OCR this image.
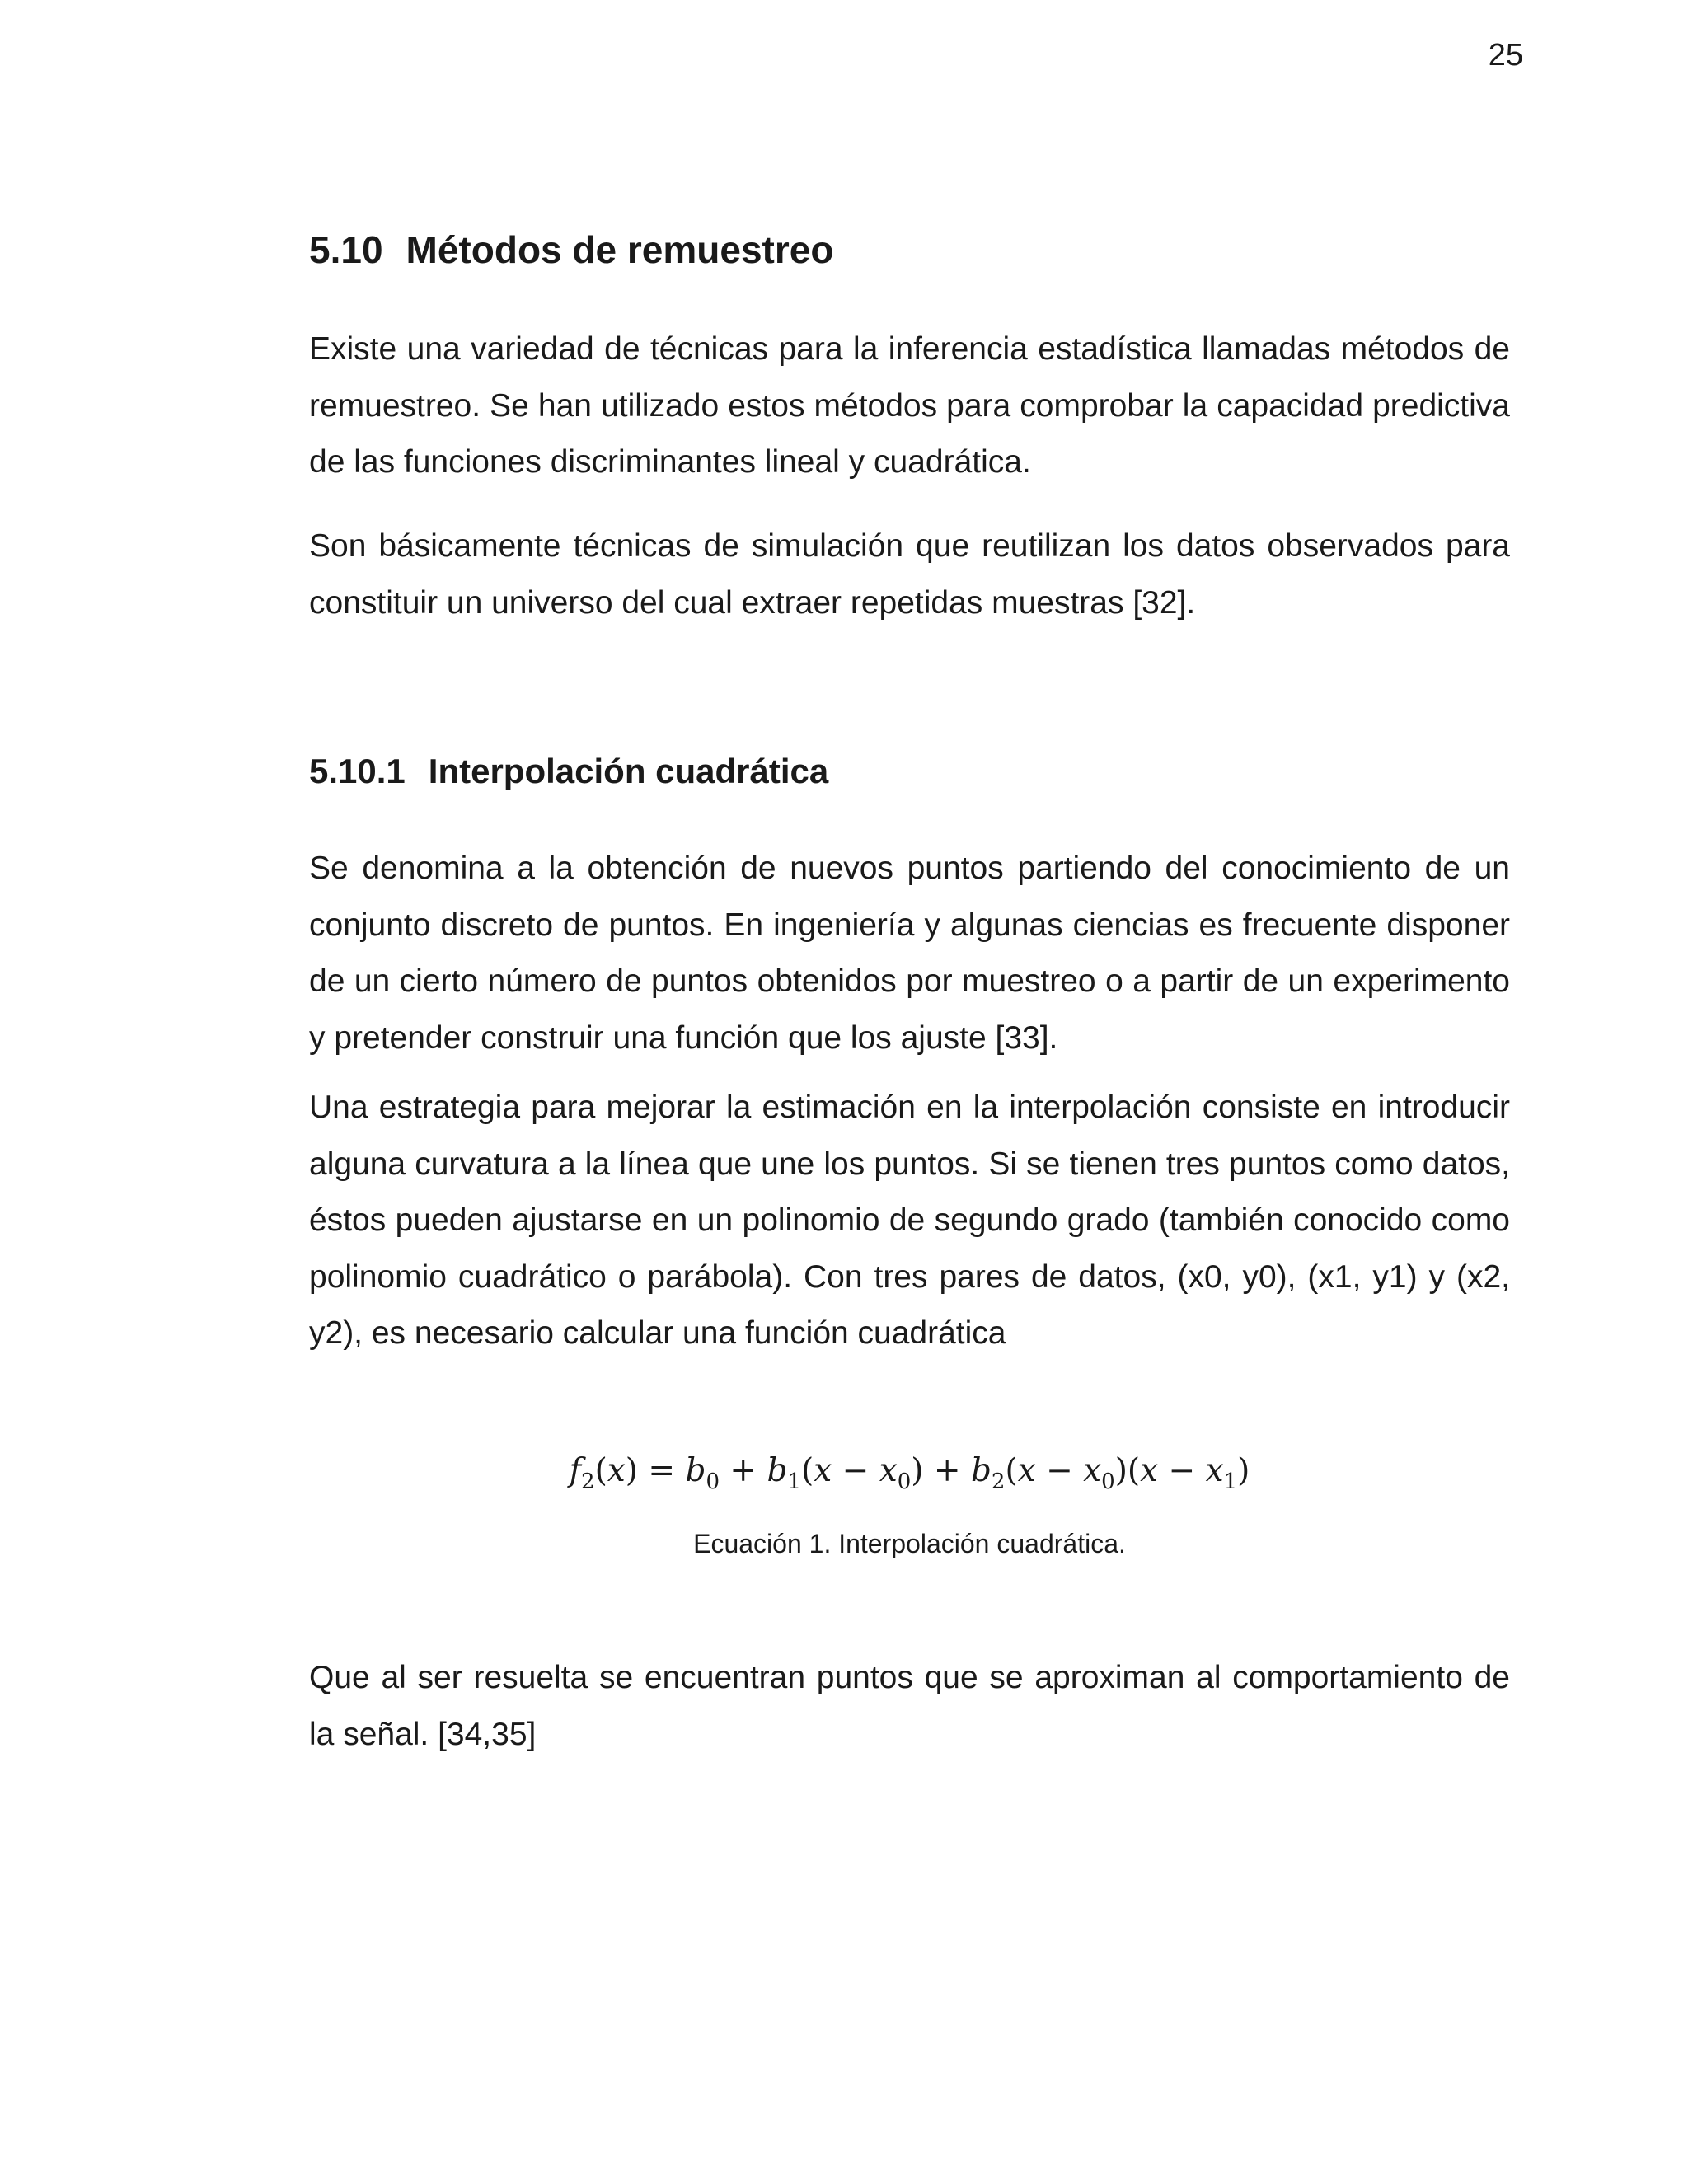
25
5.10 Métodos de remuestreo

Existe una variedad de técnicas para la inferencia estadística llamadas métodos de remuestreo. Se han utilizado estos métodos para comprobar la capacidad predictiva de las funciones discriminantes lineal y cuadrática.

Son básicamente técnicas de simulación que reutilizan los datos observados para constituir un universo del cual extraer repetidas muestras [32].

5.10.1 Interpolación cuadrática

Se denomina a la obtención de nuevos puntos partiendo del conocimiento de un conjunto discreto de puntos. En ingeniería y algunas ciencias es frecuente disponer de un cierto número de puntos obtenidos por muestreo o a partir de un experimento y pretender construir una función que los ajuste [33].

Una estrategia para mejorar la estimación en la interpolación consiste en introducir alguna curvatura a la línea que une los puntos. Si se tienen tres puntos como datos, éstos pueden ajustarse en un polinomio de segundo grado (también conocido como polinomio cuadrático o parábola). Con tres pares de datos, (x0, y0), (x1, y1) y (x2, y2), es necesario calcular una función cuadrática

$f_2(x) = b_0 + b_1(x - x_0) + b_2(x - x_0)(x - x_1)$

Ecuación 1. Interpolación cuadrática.

Que al ser resuelta se encuentran puntos que se aproximan al comportamiento de la señal. [34,35]
